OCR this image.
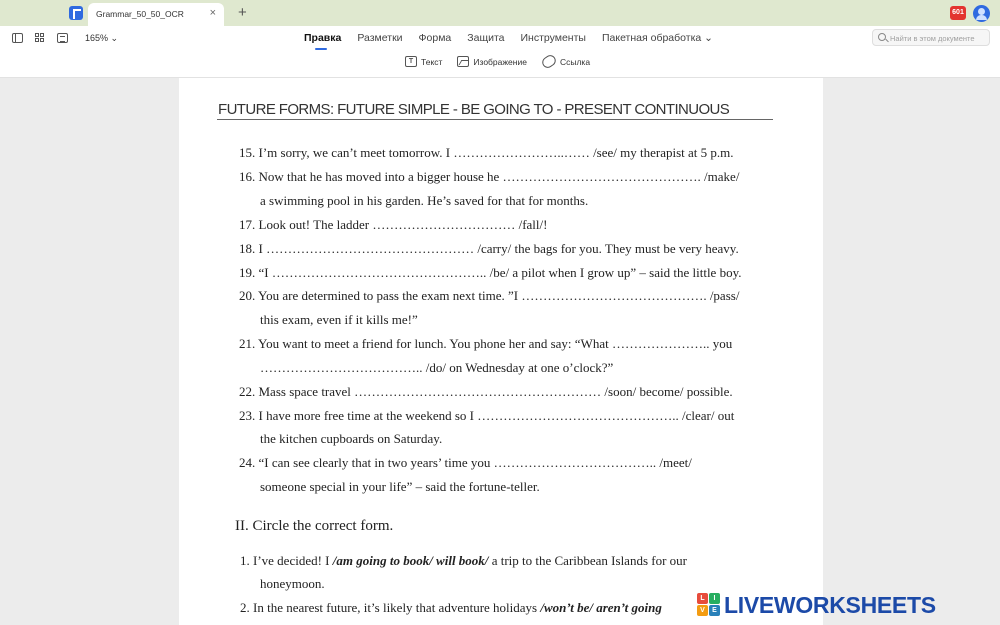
Grammar_50_50_OCR × +	601
165% ⌄	Правка Разметки Форма Защита Инструменты Пакетная обработка ⌄
Найти в этом документе
T Текст	Изображение	Ссылка
FUTURE FORMS: FUTURE SIMPLE - BE GOING TO - PRESENT CONTINUOUS
15. I’m sorry, we can’t meet tomorrow. I ……………………..…… /see/ my therapist at 5 p.m.
16. Now that he has moved into a bigger house he ………………………………………. /make/
a swimming pool in his garden. He’s saved for that for months.
17. Look out! The ladder …………………………… /fall/!
18. I ………………………………………… /carry/ the bags for you. They must be very heavy.
19. “I ………………………………………….. /be/ a pilot when I grow up” – said the little boy.
20. You are determined to pass the exam next time. ”I ……………………………………. /pass/
this exam, even if it kills me!”
21. You want to meet a friend for lunch. You phone her and say: “What ………………….. you
……………………………….. /do/ on Wednesday at one o’clock?”
22. Mass space travel ………………………………………………… /soon/ become/ possible.
23. I have more free time at the weekend so I ……………………………………….. /clear/ out
the kitchen cupboards on Saturday.
24. “I can see clearly that in two years’ time you ……………………………….. /meet/
someone special in your life” – said the fortune-teller.
II. Circle the correct form.
1. I’ve decided! I /am going to book/ will book/ a trip to the Caribbean Islands for our
honeymoon.
2. In the nearest future, it’s likely that adventure holidays /won’t be/ aren’t going
L	I
V	E LIVEWORKSHEETS
